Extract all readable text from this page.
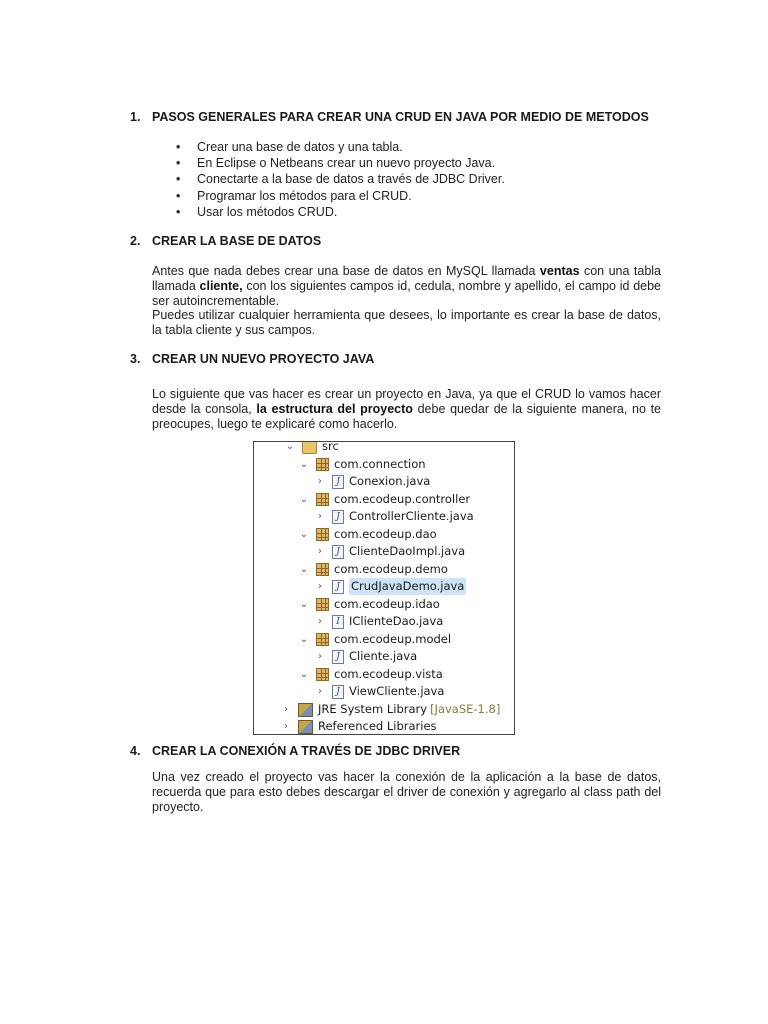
1. PASOS GENERALES PARA CREAR UNA CRUD EN JAVA POR MEDIO DE METODOS
• Crear una base de datos y una tabla.
• En Eclipse o Netbeans crear un nuevo proyecto Java.
• Conectarte a la base de datos a través de JDBC Driver.
• Programar los métodos para el CRUD.
• Usar los métodos CRUD.
2. CREAR LA BASE DE DATOS
Antes que nada debes crear una base de datos en MySQL llamada ventas con una tabla
llamada cliente, con los siguientes campos id, cedula, nombre y apellido, el campo id debe
ser autoincrementable.
Puedes utilizar cualquier herramienta que desees, lo importante es crear la base de datos,
la tabla cliente y sus campos.
3. CREAR UN NUEVO PROYECTO JAVA
Lo siguiente que vas hacer es crear un proyecto en Java, ya que el CRUD lo vamos hacer
desde la consola, la estructura del proyecto debe quedar de la siguiente manera, no te
preocupes, luego te explicaré como hacerlo.
⌄ src
⌄ com.connection
›	J Conexion.java
⌄ com.ecodeup.controller
›	J ControllerCliente.java
⌄ com.ecodeup.dao
›	J ClienteDaoImpl.java
⌄ com.ecodeup.demo
›	J CrudJavaDemo.java
⌄ com.ecodeup.idao
›	I IClienteDao.java
⌄ com.ecodeup.model
›	J Cliente.java
⌄ com.ecodeup.vista
›	J ViewCliente.java
›	JRE System Library [JavaSE-1.8]
›	Referenced Libraries
4. CREAR LA CONEXIÓN A TRAVÉS DE JDBC DRIVER
Una vez creado el proyecto vas hacer la conexión de la aplicación a la base de datos,
recuerda que para esto debes descargar el driver de conexión y agregarlo al class path del
proyecto.
